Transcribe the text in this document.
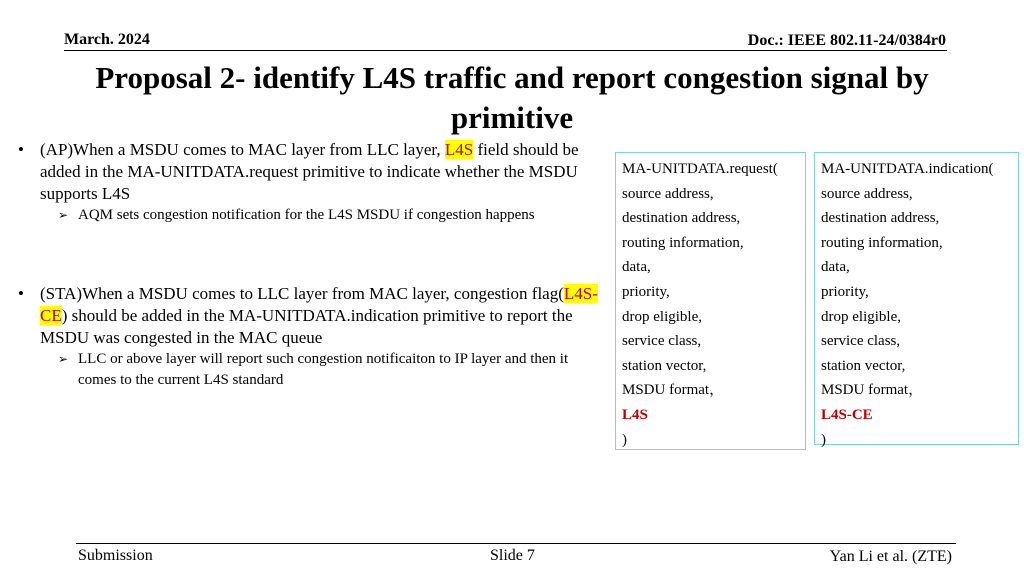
March. 2024	Doc.: IEEE 802.11-24/0384r0
Proposal 2- identify L4S traffic and report congestion signal by primitive
• (AP)When a MSDU comes to MAC layer from LLC layer, L4S field should be added in the MA-UNITDATA.request primitive to indicate whether the MSDU supports L4S
➢ AQM sets congestion notification for the L4S MSDU if congestion happens
• (STA)When a MSDU comes to LLC layer from MAC layer, congestion flag(L4S-CE) should be added in the MA-UNITDATA.indication primitive to report the MSDU was congested in the MAC queue
➢ LLC or above layer will report such congestion notificaiton to IP layer and then it comes to the current L4S standard
MA-UNITDATA.request(
source address,
destination address,
routing information,
data,
priority,
drop eligible,
service class,
station vector,
MSDU format，
L4S
)
MA-UNITDATA.indication(
source address,
destination address,
routing information,
data,
priority,
drop eligible,
service class,
station vector,
MSDU format，
L4S-CE
)
Submission	Slide 7	Yan Li et al. (ZTE)
